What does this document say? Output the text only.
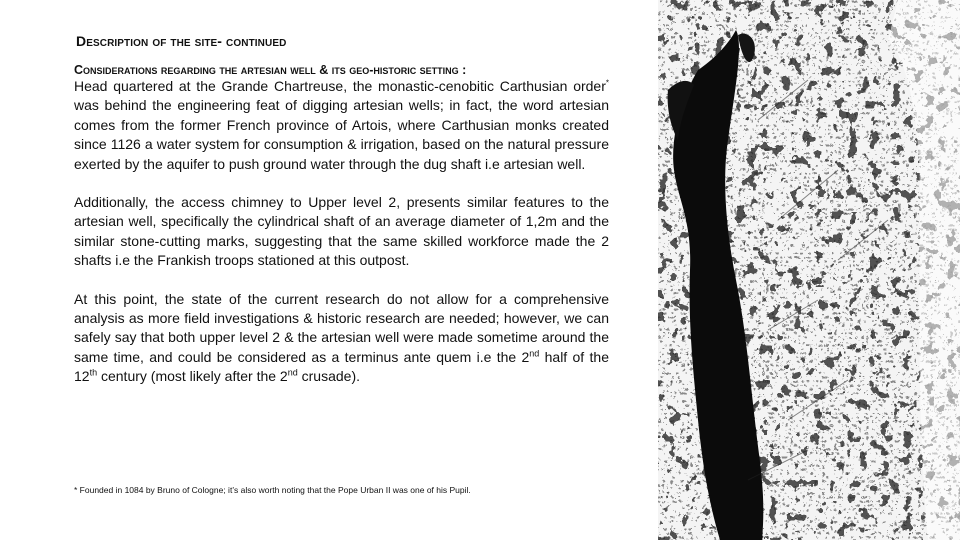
Description of the site- continued
Considerations regarding the artesian well & its geo-historic setting :

Head quartered at the Grande Chartreuse, the monastic-cenobitic Carthusian order* was behind the engineering feat of digging artesian wells; in fact, the word artesian comes from the former French province of Artois, where Carthusian monks created since 1126 a water system for consumption & irrigation, based on the natural pressure exerted by the aquifer to push ground water through the dug shaft i.e artesian well.

Additionally, the access chimney to Upper level 2, presents similar features to the artesian well, specifically the cylindrical shaft of an average diameter of 1,2m and the similar stone-cutting marks, suggesting that the same skilled workforce made the 2 shafts i.e the Frankish troops stationed at this outpost.

At this point, the state of the current research do not allow for a comprehensive analysis as more field investigations & historic research are needed; however, we can safely say that both upper level 2 & the artesian well were made sometime around the same time, and could be considered as a terminus ante quem i.e the 2nd half of the 12th century (most likely after the 2nd crusade).

* Founded in 1084 by Bruno of Cologne; it’s also worth noting that the Pope Urban II was one of his Pupil.
